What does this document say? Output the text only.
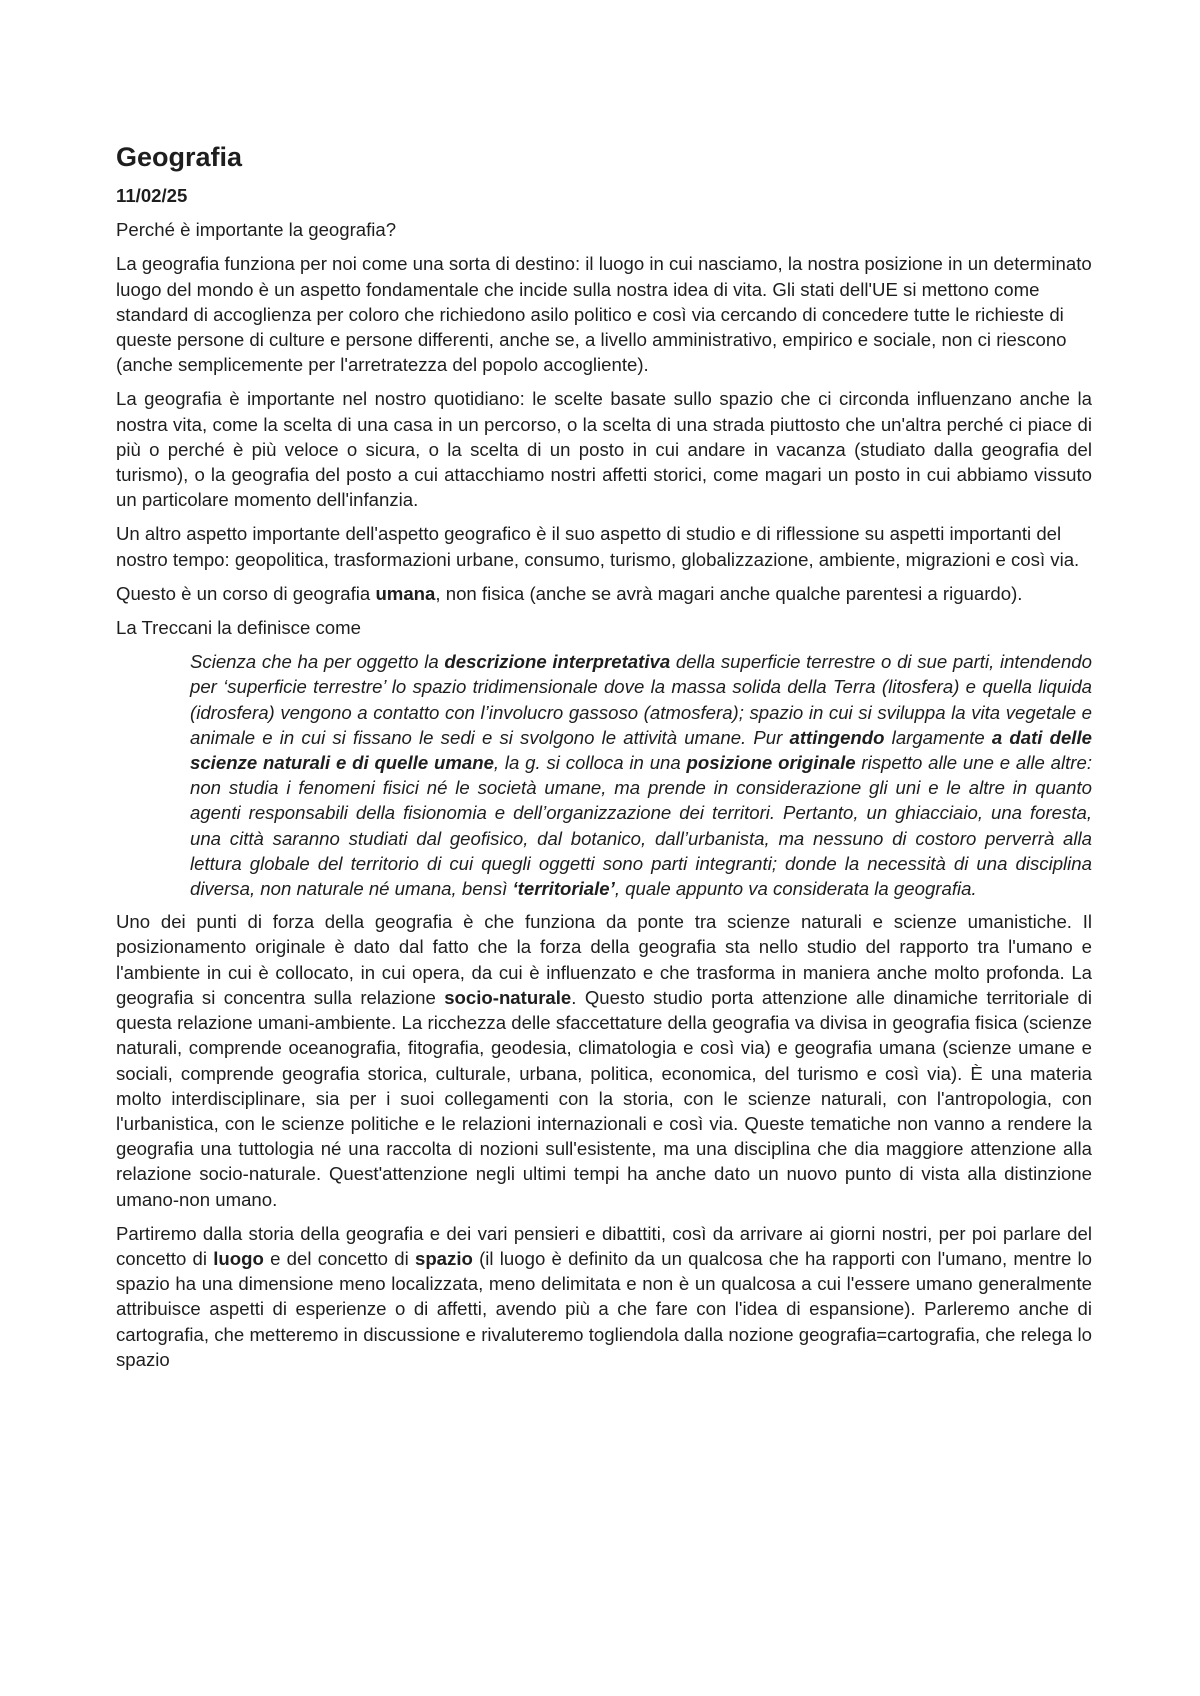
Geografia
11/02/25

Perché è importante la geografia?

La geografia funziona per noi come una sorta di destino: il luogo in cui nasciamo, la nostra posizione in un determinato luogo del mondo è un aspetto fondamentale che incide sulla nostra idea di vita. Gli stati dell'UE si mettono come standard di accoglienza per coloro che richiedono asilo politico e così via cercando di concedere tutte le richieste di queste persone di culture e persone differenti, anche se, a livello amministrativo, empirico e sociale, non ci riescono (anche semplicemente per l'arretratezza del popolo accogliente).

La geografia è importante nel nostro quotidiano: le scelte basate sullo spazio che ci circonda influenzano anche la nostra vita, come la scelta di una casa in un percorso, o la scelta di una strada piuttosto che un'altra perché ci piace di più o perché è più veloce o sicura, o la scelta di un posto in cui andare in vacanza (studiato dalla geografia del turismo), o la geografia del posto a cui attacchiamo nostri affetti storici, come magari un posto in cui abbiamo vissuto un particolare momento dell'infanzia.

Un altro aspetto importante dell'aspetto geografico è il suo aspetto di studio e di riflessione su aspetti importanti del nostro tempo: geopolitica, trasformazioni urbane, consumo, turismo, globalizzazione, ambiente, migrazioni e così via.

Questo è un corso di geografia umana, non fisica (anche se avrà magari anche qualche parentesi a riguardo).

La Treccani la definisce come

Scienza che ha per oggetto la descrizione interpretativa della superficie terrestre o di sue parti, intendendo per ‘superficie terrestre’ lo spazio tridimensionale dove la massa solida della Terra (litosfera) e quella liquida (idrosfera) vengono a contatto con l’involucro gassoso (atmosfera); spazio in cui si sviluppa la vita vegetale e animale e in cui si fissano le sedi e si svolgono le attività umane. Pur attingendo largamente a dati delle scienze naturali e di quelle umane, la g. si colloca in una posizione originale rispetto alle une e alle altre: non studia i fenomeni fisici né le società umane, ma prende in considerazione gli uni e le altre in quanto agenti responsabili della fisionomia e dell’organizzazione dei territori. Pertanto, un ghiacciaio, una foresta, una città saranno studiati dal geofisico, dal botanico, dall’urbanista, ma nessuno di costoro perverrà alla lettura globale del territorio di cui quegli oggetti sono parti integranti; donde la necessità di una disciplina diversa, non naturale né umana, bensì ‘territoriale’, quale appunto va considerata la geografia.

Uno dei punti di forza della geografia è che funziona da ponte tra scienze naturali e scienze umanistiche. Il posizionamento originale è dato dal fatto che la forza della geografia sta nello studio del rapporto tra l'umano e l'ambiente in cui è collocato, in cui opera, da cui è influenzato e che trasforma in maniera anche molto profonda. La geografia si concentra sulla relazione socio-naturale. Questo studio porta attenzione alle dinamiche territoriale di questa relazione umani-ambiente. La ricchezza delle sfaccettature della geografia va divisa in geografia fisica (scienze naturali, comprende oceanografia, fitografia, geodesia, climatologia e così via) e geografia umana (scienze umane e sociali, comprende geografia storica, culturale, urbana, politica, economica, del turismo e così via). È una materia molto interdisciplinare, sia per i suoi collegamenti con la storia, con le scienze naturali, con l'antropologia, con l'urbanistica, con le scienze politiche e le relazioni internazionali e così via. Queste tematiche non vanno a rendere la geografia una tuttologia né una raccolta di nozioni sull'esistente, ma una disciplina che dia maggiore attenzione alla relazione socio-naturale. Quest'attenzione negli ultimi tempi ha anche dato un nuovo punto di vista alla distinzione umano-non umano.

Partiremo dalla storia della geografia e dei vari pensieri e dibattiti, così da arrivare ai giorni nostri, per poi parlare del concetto di luogo e del concetto di spazio (il luogo è definito da un qualcosa che ha rapporti con l'umano, mentre lo spazio ha una dimensione meno localizzata, meno delimitata e non è un qualcosa a cui l'essere umano generalmente attribuisce aspetti di esperienze o di affetti, avendo più a che fare con l'idea di espansione). Parleremo anche di cartografia, che metteremo in discussione e rivaluteremo togliendola dalla nozione geografia=cartografia, che relega lo spazio
